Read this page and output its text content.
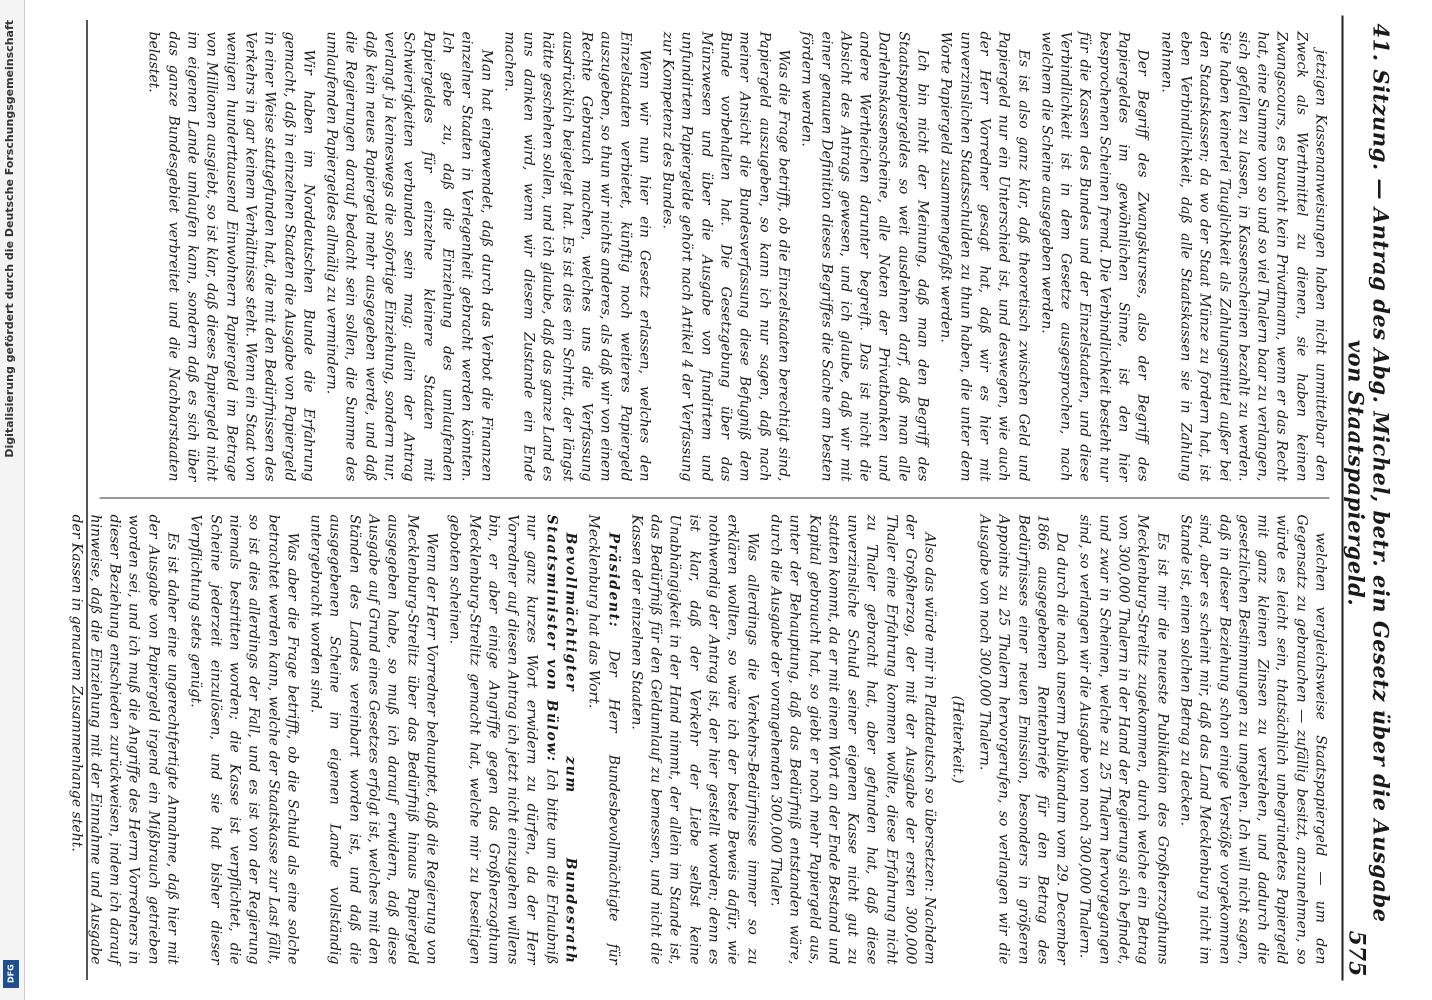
Digitalisierung gefördert durch die Deutsche Forschungsgemeinschaft
DFG
41. Sitzung. — Antrag des Abg. Michel, betr. ein Gesetz über die Ausgabe von Staatspapiergeld.
575

jetzigen Kassenanweisungen haben nicht unmittelbar den Zweck als Werthmittel zu dienen, sie haben keinen Zwangscours, es braucht kein Privatmann, wenn er das Recht hat, eine Summe von so und so viel Thalern baar zu verlangen, sich gefallen zu lassen, in Kassenscheinen bezahlt zu werden. Sie haben keinerlei Tauglichkeit als Zahlungsmittel außer bei den Staatskassen; da wo der Staat Münze zu fordern hat, ist eben Verbindlichkeit, daß alle Staatskassen sie in Zahlung nehmen.

Der Begriff des Zwangskurses, also der Begriff des Papiergeldes im gewöhnlichen Sinne, ist den hier besprochenen Scheinen fremd. Die Verbindlichkeit besteht nur für die Kassen des Bundes und der Einzelstaaten, und diese Verbindlichkeit ist in dem Gesetze ausgesprochen, nach welchem die Scheine ausgegeben werden.

Es ist also ganz klar, daß theoretisch zwischen Geld und Papiergeld nur ein Unterschied ist, und deswegen, wie auch der Herr Vorredner gesagt hat, daß wir es hier mit unverzinslichen Staatsschulden zu thun haben, die unter dem Worte Papiergeld zusammengefaßt werden.

Ich bin nicht der Meinung, daß man den Begriff des Staatspapiergeldes so weit ausdehnen darf, daß man alle Darlehnskassenscheine, alle Noten der Privatbanken und andere Wertheichen darunter begreift. Das ist nicht die Absicht des Antrags gewesen, und ich glaube, daß wir mit einer genauen Definition dieses Begriffes die Sache am besten fördern werden.

Was die Frage betrifft, ob die Einzelstaaten berechtigt sind, Papiergeld auszugeben, so kann ich nur sagen, daß nach meiner Ansicht die Bundesverfassung diese Befugniß dem Bunde vorbehalten hat. Die Gesetzgebung über das Münzwesen und über die Ausgabe von fundirtem und unfundirtem Papiergelde gehört nach Artikel 4 der Verfassung zur Kompetenz des Bundes.

Wenn wir nun hier ein Gesetz erlassen, welches den Einzelstaaten verbietet, künftig noch weiteres Papiergeld auszugeben, so thun wir nichts anderes, als daß wir von einem Rechte Gebrauch machen, welches uns die Verfassung ausdrücklich beigelegt hat. Es ist dies ein Schritt, der längst hätte geschehen sollen, und ich glaube, daß das ganze Land es uns danken wird, wenn wir diesem Zustande ein Ende machen.

Man hat eingewendet, daß durch das Verbot die Finanzen einzelner Staaten in Verlegenheit gebracht werden könnten. Ich gebe zu, daß die Einziehung des umlaufenden Papiergeldes für einzelne kleinere Staaten mit Schwierigkeiten verbunden sein mag; allein der Antrag verlangt ja keineswegs die sofortige Einziehung, sondern nur, daß kein neues Papiergeld mehr ausgegeben werde, und daß die Regierungen darauf bedacht sein sollen, die Summe des umlaufenden Papiergeldes allmälig zu vermindern.

Wir haben im Norddeutschen Bunde die Erfahrung gemacht, daß in einzelnen Staaten die Ausgabe von Papiergeld in einer Weise stattgefunden hat, die mit den Bedürfnissen des Verkehrs in gar keinem Verhältnisse steht. Wenn ein Staat von wenigen hunderttausend Einwohnern Papiergeld im Betrage von Millionen ausgiebt, so ist klar, daß dieses Papiergeld nicht im eigenen Lande umlaufen kann, sondern daß es sich über das ganze Bundesgebiet verbreitet und die Nachbarstaaten belastet.

welchen vergleichsweise Staatspapiergeld — um den Gegensatz zu gebrauchen — zufällig besitzt, anzunehmen, so würde es leicht sein, thatsächlich unbegründetes Papiergeld mit ganz kleinen Zinsen zu verstehen, und dadurch die gesetzlichen Bestimmungen zu umgehen. Ich will nicht sagen, daß in dieser Beziehung schon einige Verstöße vorgekommen sind, aber es scheint mir, daß das Land Mecklenburg nicht im Stande ist, einen solchen Betrag zu decken.

Es ist mir die neueste Publikation des Großherzogthums Mecklenburg-Strelitz zugekommen, durch welche ein Betrag von 300,000 Thalern in der Hand der Regierung sich befindet, und zwar in Scheinen, welche zu 25 Thalern hervorgegangen sind, so verlangen wir die Ausgabe von noch 300,000 Thalern.

Da durch die nach unserm Publikandum vom 29. December 1866 ausgegebenen Rentenbriefe für den Betrag des Bedürfnisses einer neuen Emission, besonders in größeren Appoints zu 25 Thalern hervorgerufen, so verlangen wir die Ausgabe von noch 300,000 Thalern.

(Heiterkeit.)

Also das würde mir in Plattdeutsch so übersetzen: Nachdem der Großherzog, der mit der Ausgabe der ersten 300,000 Thaler eine Erfahrung kommen wollte, diese Erfahrung nicht zu Thaler gebracht hat, aber gefunden hat, daß diese unverzinsliche Schuld seiner eigenen Kasse nicht gut zu statten kommt, da er mit einem Wort an der Ende Bestand und Kapital gebraucht hat, so giebt er noch mehr Papiergeld aus, unter der Behauptung, daß das Bedürfniß entstanden wäre, durch die Ausgabe der vorangehenden 300,000 Thaler.

Was allerdings die Verkehrs-Bedürfnisse immer so zu erklären wollten, so wäre ich der beste Beweis dafür, wie nothwendig der Antrag ist, der hier gestellt worden; denn es ist klar, daß der Verkehr der Liebe selbst keine Unabhängigkeit in der Hand nimmt, der allein im Stande ist, das Bedürfniß für den Geldumlauf zu bemessen, und nicht die Kassen der einzelnen Staaten.

Präsident: Der Herr Bundesbevollmächtigte für Mecklenburg hat das Wort.

Bevollmächtigter zum Bundesrath Staatsminister von Bülow: Ich bitte um die Erlaubniß nur ganz kurzes Wort erwidern zu dürfen, da der Herr Vorredner auf diesen Antrag ich jetzt nicht einzugehen willens bin, er aber einige Angriffe gegen das Großherzogthum Mecklenburg-Strelitz gemacht hat, welche mir zu beseitigen geboten scheinen.

Wenn der Herr Vorredner behauptet, daß die Regierung von Mecklenburg-Strelitz über das Bedürfniß hinaus Papiergeld ausgegeben habe, so muß ich darauf erwidern, daß diese Ausgabe auf Grund eines Gesetzes erfolgt ist, welches mit den Ständen des Landes vereinbart worden ist, und daß die ausgegebenen Scheine im eigenen Lande vollständig untergebracht worden sind.

Was aber die Frage betrifft, ob die Schuld als eine solche betrachtet werden kann, welche der Staatskasse zur Last fällt, so ist dies allerdings der Fall, und es ist von der Regierung niemals bestritten worden; die Kasse ist verpflichtet, die Scheine jederzeit einzulösen, und sie hat bisher dieser Verpflichtung stets genügt.

Es ist daher eine ungerechtfertigte Annahme, daß hier mit der Ausgabe von Papiergeld irgend ein Mißbrauch getrieben worden sei, und ich muß die Angriffe des Herrn Vorredners in dieser Beziehung entschieden zurückweisen, indem ich darauf hinweise, daß die Einziehung mit der Einnahme und Ausgabe der Kassen in genauem Zusammenhange steht.
